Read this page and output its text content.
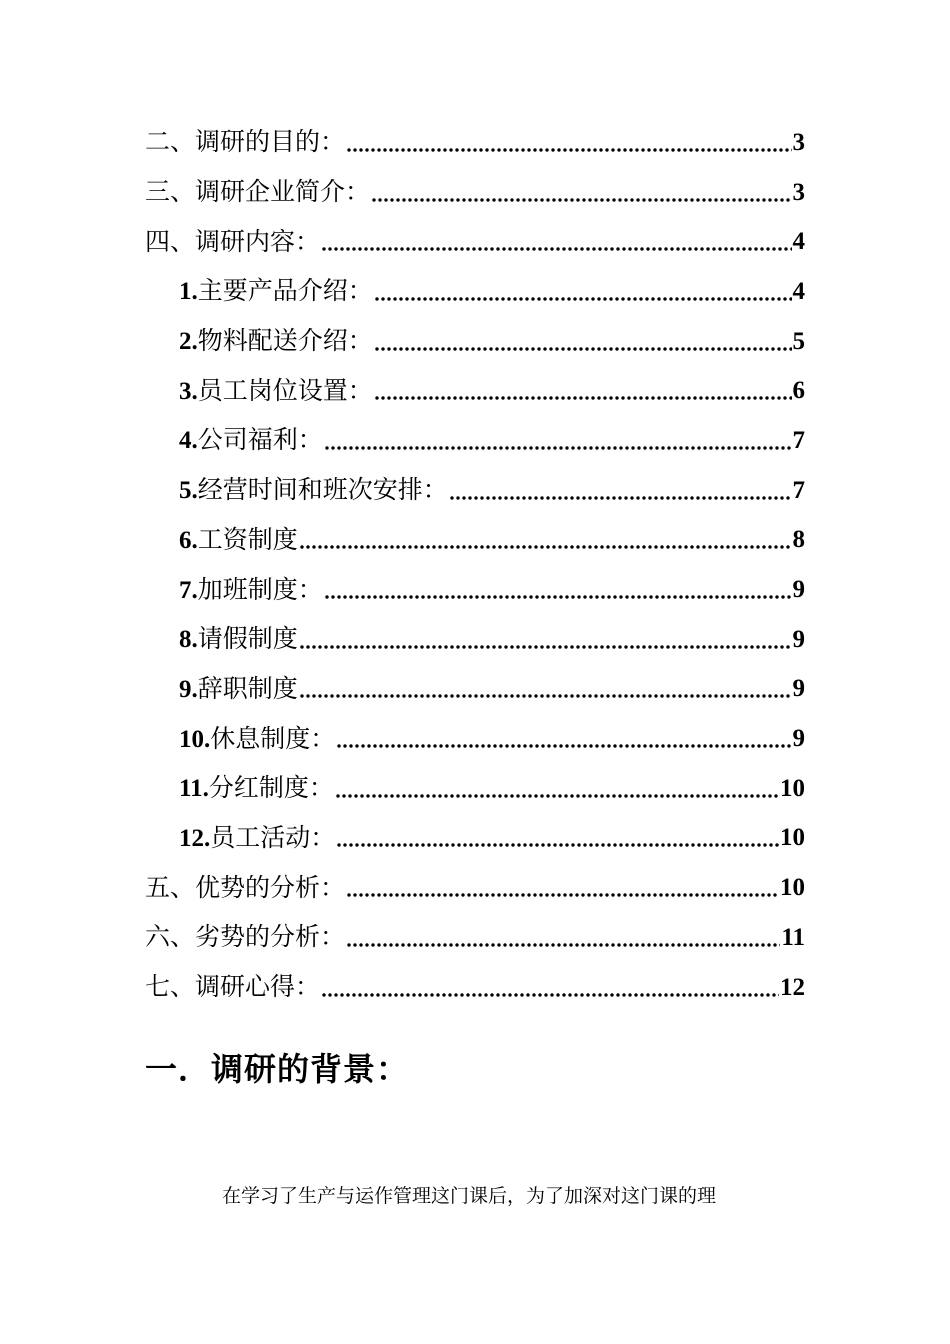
二、调研的目的：	3
三、调研企业简介：	3
四、调研内容：	4
1.主要产品介绍：	4
2.物料配送介绍：	5
3.员工岗位设置：	6
4.公司福利：	7
5.经营时间和班次安排：	7
6.工资制度	8
7.加班制度：	9
8.请假制度	9
9.辞职制度	9
10.休息制度：	9
11.分红制度：	10
12.员工活动：	10
五、优势的分析：	10
六、劣势的分析：	11
七、调研心得：	12
一．调研的背景：
在学习了生产与运作管理这门课后，为了加深对这门课的理
